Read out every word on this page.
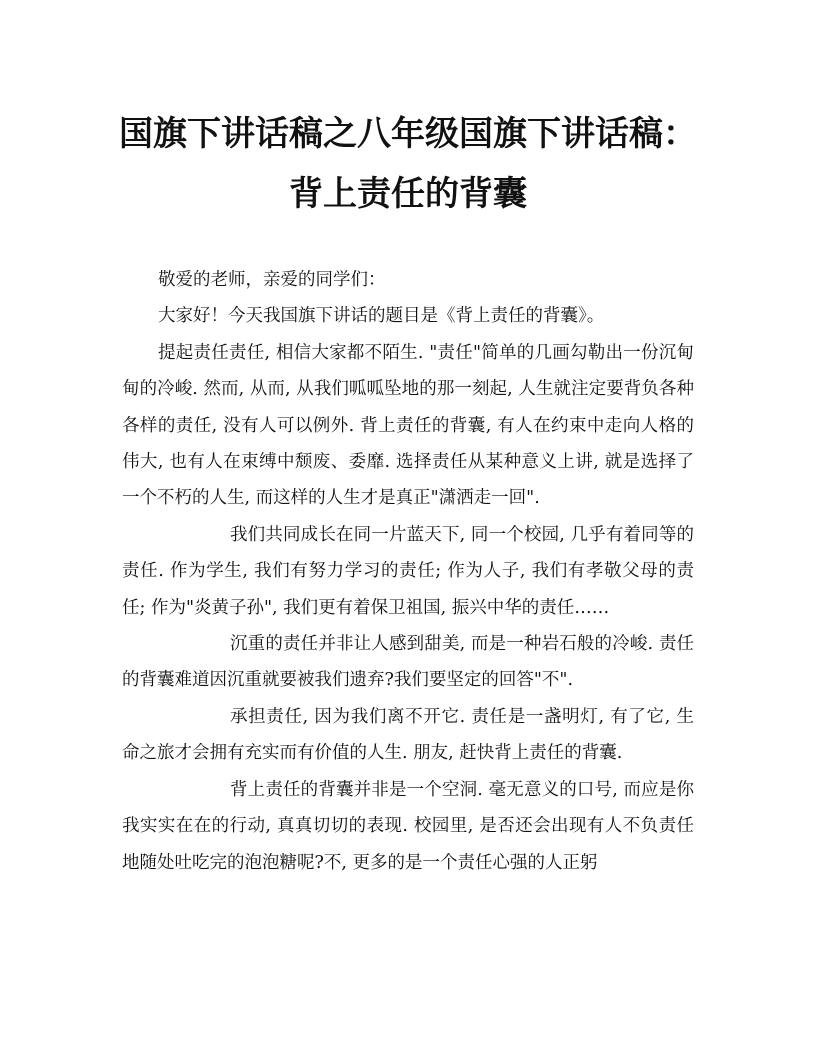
国旗下讲话稿之八年级国旗下讲话稿：
背上责任的背囊

敬爱的老师，亲爱的同学们：

大家好！今天我国旗下讲话的题目是《背上责任的背囊》。

提起责任责任, 相信大家都不陌生. "责任"简单的几画勾勒出一份沉甸甸的冷峻. 然而, 从而, 从我们呱呱坠地的那一刻起, 人生就注定要背负各种各样的责任, 没有人可以例外. 背上责任的背囊, 有人在约束中走向人格的伟大, 也有人在束缚中颓废、委靡. 选择责任从某种意义上讲, 就是选择了一个不朽的人生, 而这样的人生才是真正"潇洒走一回".

我们共同成长在同一片蓝天下, 同一个校园, 几乎有着同等的责任. 作为学生, 我们有努力学习的责任; 作为人子, 我们有孝敬父母的责任; 作为"炎黄子孙", 我们更有着保卫祖国, 振兴中华的责任……

沉重的责任并非让人感到甜美, 而是一种岩石般的冷峻. 责任的背囊难道因沉重就要被我们遗弃?我们要坚定的回答"不".

承担责任, 因为我们离不开它. 责任是一盏明灯, 有了它, 生命之旅才会拥有充实而有价值的人生. 朋友, 赶快背上责任的背囊.

背上责任的背囊并非是一个空洞. 毫无意义的口号, 而应是你我实实在在的行动, 真真切切的表现. 校园里, 是否还会出现有人不负责任地随处吐吃完的泡泡糖呢?不, 更多的是一个责任心强的人正躬
